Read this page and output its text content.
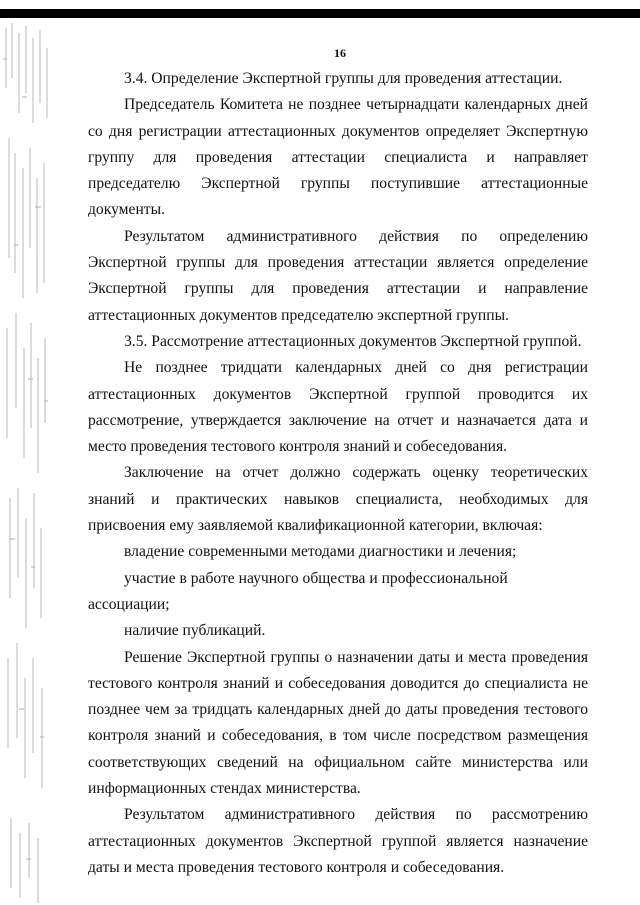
16

3.4. Определение Экспертной группы для проведения аттестации.

Председатель Комитета не позднее четырнадцати календарных дней со дня регистрации аттестационных документов определяет Экспертную группу для проведения аттестации специалиста и направляет председателю Экспертной группы поступившие аттестационные документы.

Результатом административного действия по определению Экспертной группы для проведения аттестации является определение Экспертной группы для проведения аттестации и направление аттестационных документов председателю экспертной группы.

3.5. Рассмотрение аттестационных документов Экспертной группой.

Не позднее тридцати календарных дней со дня регистрации аттестационных документов Экспертной группой проводится их рассмотрение, утверждается заключение на отчет и назначается дата и место проведения тестового контроля знаний и собеседования.

Заключение на отчет должно содержать оценку теоретических знаний и практических навыков специалиста, необходимых для присвоения ему заявляемой квалификационной категории, включая:

владение современными методами диагностики и лечения;

участие в работе научного общества и профессиональной ассоциации;

наличие публикаций.

Решение Экспертной группы о назначении даты и места проведения тестового контроля знаний и собеседования доводится до специалиста не позднее чем за тридцать календарных дней до даты проведения тестового контроля знаний и собеседования, в том числе посредством размещения соответствующих сведений на официальном сайте министерства или информационных стендах министерства.

Результатом административного действия по рассмотрению аттестационных документов Экспертной группой является назначение даты и места проведения тестового контроля и собеседования.
